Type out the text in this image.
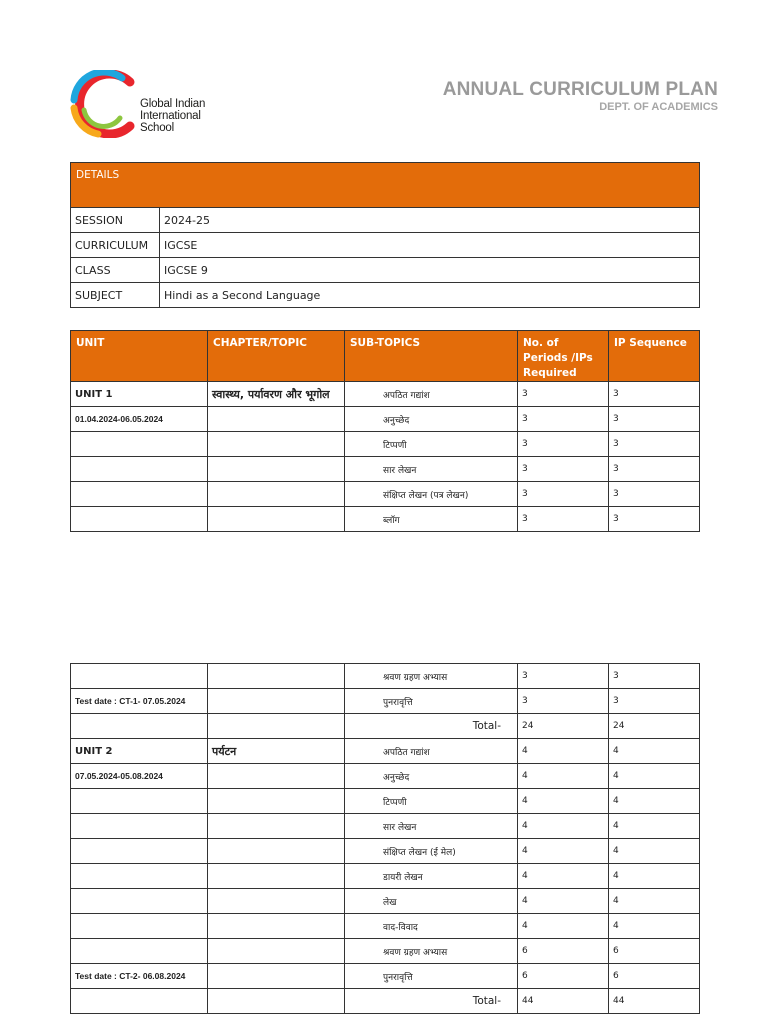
Global Indian
International
School
ANNUAL CURRICULUM PLAN
DEPT. OF ACADEMICS
DETAILS	
SESSION	2024-25
CURRICULUM	IGCSE
CLASS	IGCSE 9
SUBJECT	Hindi as a Second Language
UNIT	CHAPTER/TOPIC	SUB-TOPICS	No. of Periods /IPs Required	IP Sequence
UNIT 1	स्वास्थ्य, पर्यावरण और भूगोल	अपठित गद्यांश	3	3
01.04.2024-06.05.2024		अनुच्छेद	3	3
		टिप्पणी	3	3
		सार लेखन	3	3
		संक्षिप्त लेखन (पत्र लेखन)	3	3
		ब्लॉग	3	3
		श्रवण ग्रहण अभ्यास	3	3
Test date : CT-1- 07.05.2024		पुनरावृत्ति	3	3
		Total-	24	24
UNIT 2	पर्यटन	अपठित गद्यांश	4	4
07.05.2024-05.08.2024		अनुच्छेद	4	4
		टिप्पणी	4	4
		सार लेखन	4	4
		संक्षिप्त लेखन (ई मेल)	4	4
		डायरी लेखन	4	4
		लेख	4	4
		वाद-विवाद	4	4
		श्रवण ग्रहण अभ्यास	6	6
Test date : CT-2- 06.08.2024		पुनरावृत्ति	6	6
		Total-	44	44
